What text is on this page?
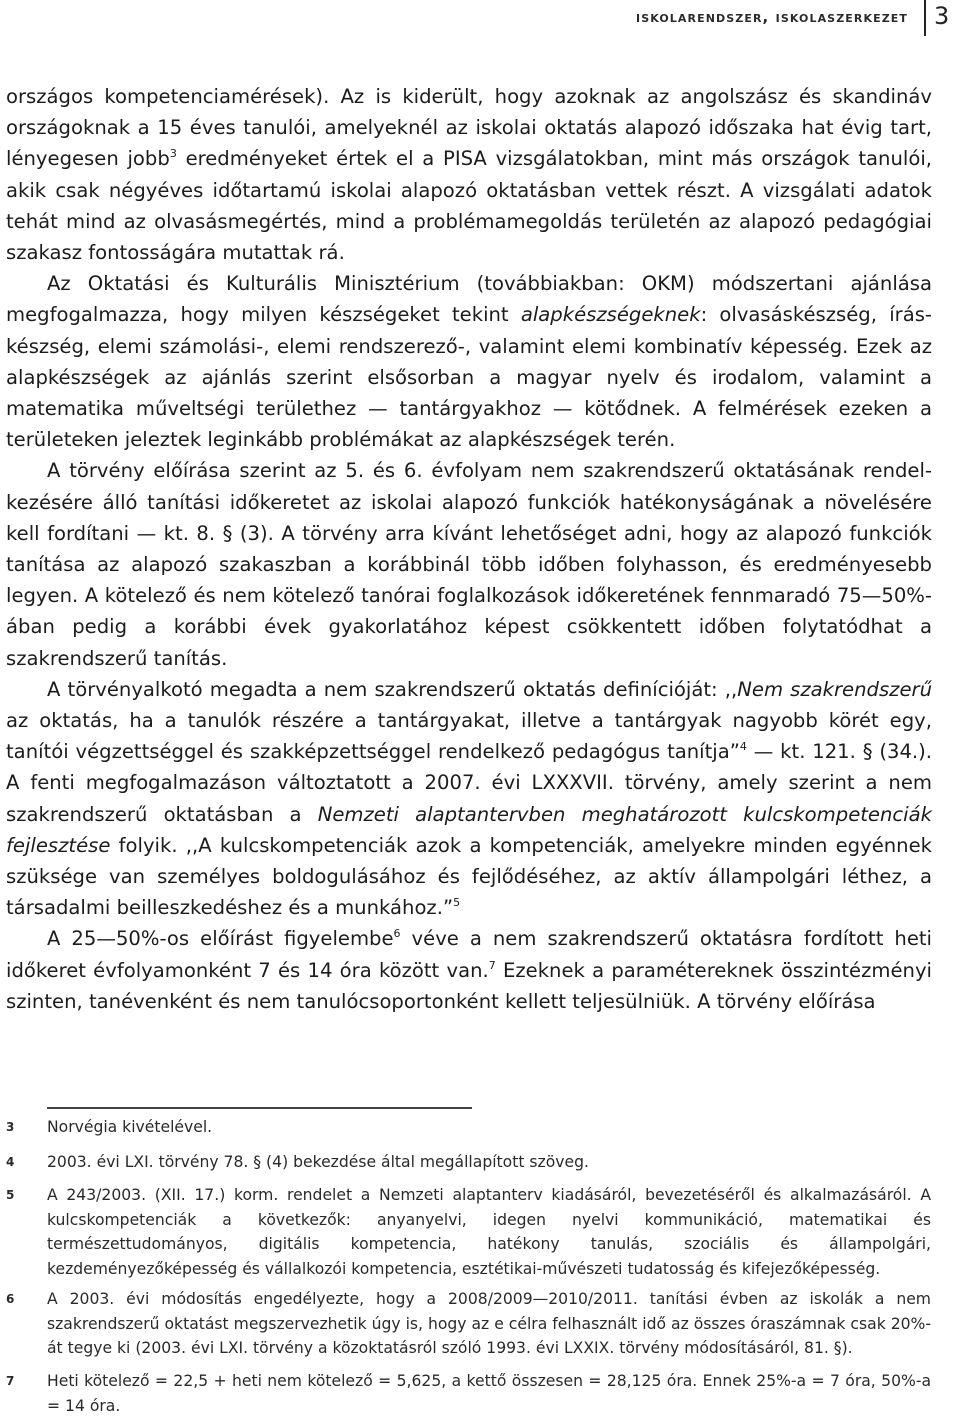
iskolarendszer, iskolaszerkezet 3

országos kompetenciamérések). Az is kiderült, hogy azoknak az angolszász és skandináv országoknak a 15 éves tanulói, amelyeknél az iskolai oktatás alapozó időszaka hat évig tart, lényegesen jobb$^3$ eredményeket értek el a PISA vizsgálatokban, mint más országok tanulói, akik csak négyéves időtartamú iskolai alapozó oktatásban vettek részt. A vizsgálati adatok tehát mind az olvasásmegértés, mind a problémamegoldás területén az alapozó pedagógiai szakasz fontosságára mutattak rá.

Az Oktatási és Kulturális Minisztérium (továbbiakban: OKM) módszertani ajánlása megfogalmazza, hogy milyen készségeket tekint alapkészségeknek: olvasáskészség, íráskészség, elemi számolási-, elemi rendszerező-, valamint elemi kombinatív képesség. Ezek az alapkészségek az ajánlás szerint elsősorban a magyar nyelv és irodalom, valamint a matematika műveltségi területhez — tantárgyakhoz — kötődnek. A felmérések ezeken a területeken jeleztek leginkább problémákat az alapkészségek terén.

A törvény előírása szerint az 5. és 6. évfolyam nem szakrendszerű oktatásának rendelkezésére álló tanítási időkeretet az iskolai alapozó funkciók hatékonyságának a növelésére kell fordítani — kt. 8. § (3). A törvény arra kívánt lehetőséget adni, hogy az alapozó funkciók tanítása az alapozó szakaszban a korábbinál több időben folyhasson, és eredményesebb legyen. A kötelező és nem kötelező tanórai foglalkozások időkeretének fennmaradó 75—50%-ában pedig a korábbi évek gyakorlatához képest csökkentett időben folytatódhat a szakrendszerű tanítás.

A törvényalkotó megadta a nem szakrendszerű oktatás definícióját: ,,Nem szakrendszerű az oktatás, ha a tanulók részére a tantárgyakat, illetve a tantárgyak nagyobb körét egy, tanítói végzettséggel és szakképzettséggel rendelkező pedagógus tanítja”$^4$ — kt. 121. § (34.). A fenti megfogalmazáson változtatott a 2007. évi LXXXVII. törvény, amely szerint a nem szakrendszerű oktatásban a Nemzeti alaptantervben meghatározott kulcskompetenciák fejlesztése folyik. ,,A kulcskompetenciák azok a kompetenciák, amelyekre minden egyénnek szüksége van személyes boldogulásához és fejlődéséhez, az aktív állampolgári léthez, a társadalmi beilleszkedéshez és a munkához.”$^5$

A 25—50%-os előírást figyelembe$^6$ véve a nem szakrendszerű oktatásra fordított heti időkeret évfolyamonként 7 és 14 óra között van.$^7$ Ezeknek a paramétereknek összintézményi szinten, tanévenként és nem tanulócsoportonként kellett teljesülniük. A törvény előírása

3 Norvégia kivételével.
4 2003. évi LXI. törvény 78. § (4) bekezdése által megállapított szöveg.
5 A 243/2003. (XII. 17.) korm. rendelet a Nemzeti alaptanterv kiadásáról, bevezetéséről és alkalmazásáról. A kulcskompetenciák a következők: anyanyelvi, idegen nyelvi kommunikáció, matematikai és természettudományos, digitális kompetencia, hatékony tanulás, szociális és állampolgári, kezdeményezőképesség és vállalkozói kompetencia, esztétikai-művészeti tudatosság és kifejezőképesség.
6 A 2003. évi módosítás engedélyezte, hogy a 2008/2009—2010/2011. tanítási évben az iskolák a nem szakrendszerű oktatást megszervezhetik úgy is, hogy az e célra felhasznált idő az összes óraszámnak csak 20%-át tegye ki (2003. évi LXI. törvény a közoktatásról szóló 1993. évi LXXIX. törvény módosításáról, 81. §).
7 Heti kötelező = 22,5 + heti nem kötelező = 5,625, a kettő összesen = 28,125 óra. Ennek 25%-a = 7 óra, 50%-a = 14 óra.
